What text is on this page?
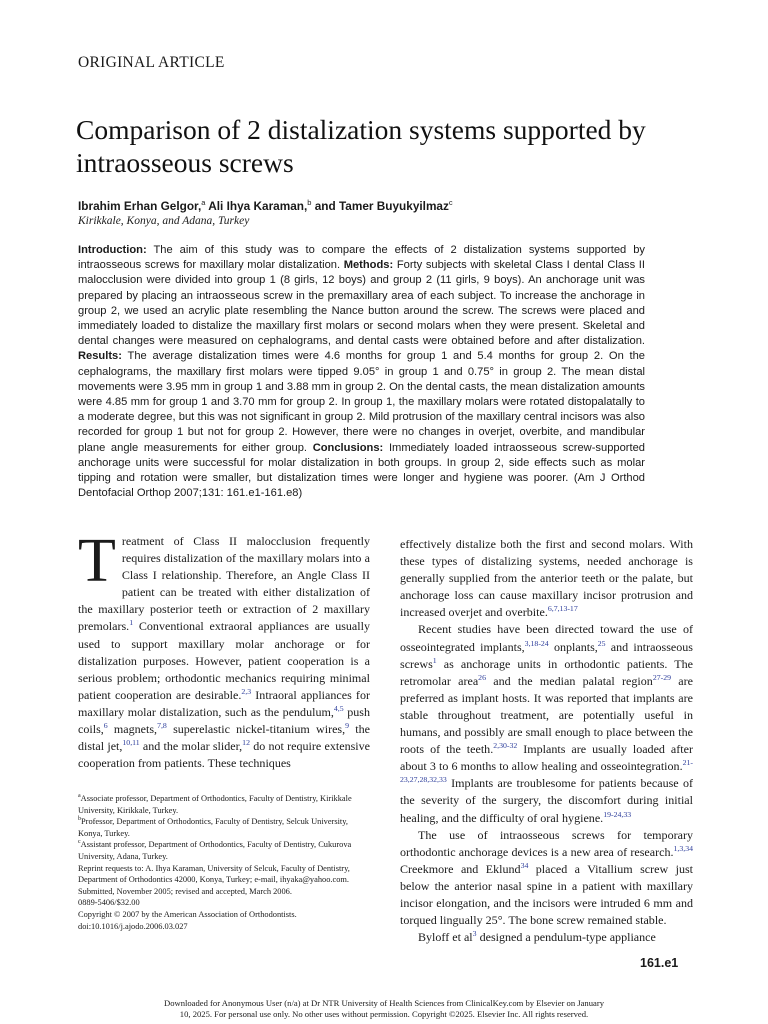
ORIGINAL ARTICLE
Comparison of 2 distalization systems supported by intraosseous screws
Ibrahim Erhan Gelgor,$^a$ Ali Ihya Karaman,$^b$ and Tamer Buyukyilmaz$^c$
Kirikkale, Konya, and Adana, Turkey
Introduction: The aim of this study was to compare the effects of 2 distalization systems supported by intraosseous screws for maxillary molar distalization. Methods: Forty subjects with skeletal Class I dental Class II malocclusion were divided into group 1 (8 girls, 12 boys) and group 2 (11 girls, 9 boys). An anchorage unit was prepared by placing an intraosseous screw in the premaxillary area of each subject. To increase the anchorage in group 2, we used an acrylic plate resembling the Nance button around the screw. The screws were placed and immediately loaded to distalize the maxillary first molars or second molars when they were present. Skeletal and dental changes were measured on cephalograms, and dental casts were obtained before and after distalization. Results: The average distalization times were 4.6 months for group 1 and 5.4 months for group 2. On the cephalograms, the maxillary first molars were tipped 9.05° in group 1 and 0.75° in group 2. The mean distal movements were 3.95 mm in group 1 and 3.88 mm in group 2. On the dental casts, the mean distalization amounts were 4.85 mm for group 1 and 3.70 mm for group 2. In group 1, the maxillary molars were rotated distopalatally to a moderate degree, but this was not significant in group 2. Mild protrusion of the maxillary central incisors was also recorded for group 1 but not for group 2. However, there were no changes in overjet, overbite, and mandibular plane angle measurements for either group. Conclusions: Immediately loaded intraosseous screw-supported anchorage units were successful for molar distalization in both groups. In group 2, side effects such as molar tipping and rotation were smaller, but distalization times were longer and hygiene was poorer. (Am J Orthod Dentofacial Orthop 2007;131: 161.e1-161.e8)

Treatment of Class II malocclusion frequently requires distalization of the maxillary molars into a Class I relationship. Therefore, an Angle Class II patient can be treated with either distalization of the maxillary posterior teeth or extraction of 2 maxillary premolars.$^1$ Conventional extraoral appliances are usually used to support maxillary molar anchorage or for distalization purposes. However, patient cooperation is a serious problem; orthodontic mechanics requiring minimal patient cooperation are desirable.$^{2,3}$ Intraoral appliances for maxillary molar distalization, such as the pendulum,$^{4,5}$ push coils,$^6$ magnets,$^{7,8}$ superelastic nickel-titanium wires,$^9$ the distal jet,$^{10,11}$ and the molar slider,$^{12}$ do not require extensive cooperation from patients. These techniques

$^a$Associate professor, Department of Orthodontics, Faculty of Dentistry, Kirikkale University, Kirikkale, Turkey.

$^b$Professor, Department of Orthodontics, Faculty of Dentistry, Selcuk University, Konya, Turkey.

$^c$Assistant professor, Department of Orthodontics, Faculty of Dentistry, Cukurova University, Adana, Turkey.

Reprint requests to: A. Ihya Karaman, University of Selcuk, Faculty of Dentistry, Department of Orthodontics 42000, Konya, Turkey; e-mail, ihyaka@yahoo.com.

Submitted, November 2005; revised and accepted, March 2006.

0889-5406/$32.00

Copyright © 2007 by the American Association of Orthodontists.

doi:10.1016/j.ajodo.2006.03.027

effectively distalize both the first and second molars. With these types of distalizing systems, needed anchorage is generally supplied from the anterior teeth or the palate, but anchorage loss can cause maxillary incisor protrusion and increased overjet and overbite.$^{6,7,13-17}$

Recent studies have been directed toward the use of osseointegrated implants,$^{3,18-24}$ onplants,$^{25}$ and intraosseous screws$^1$ as anchorage units in orthodontic patients. The retromolar area$^{26}$ and the median palatal region$^{27-29}$ are preferred as implant hosts. It was reported that implants are stable throughout treatment, are potentially useful in humans, and possibly are small enough to place between the roots of the teeth.$^{2,30-32}$ Implants are usually loaded after about 3 to 6 months to allow healing and osseointegration.$^{21-23,27,28,32,33}$ Implants are troublesome for patients because of the severity of the surgery, the discomfort during initial healing, and the difficulty of oral hygiene.$^{19-24,33}$

The use of intraosseous screws for temporary orthodontic anchorage devices is a new area of research.$^{1,3,34}$ Creekmore and Eklund$^{34}$ placed a Vitallium screw just below the anterior nasal spine in a patient with maxillary incisor elongation, and the incisors were intruded 6 mm and torqued lingually 25°. The bone screw remained stable.

Byloff et al$^3$ designed a pendulum-type appliance

161.e1
Downloaded for Anonymous User (n/a) at Dr NTR University of Health Sciences from ClinicalKey.com by Elsevier on January
10, 2025. For personal use only. No other uses without permission. Copyright ©2025. Elsevier Inc. All rights reserved.
